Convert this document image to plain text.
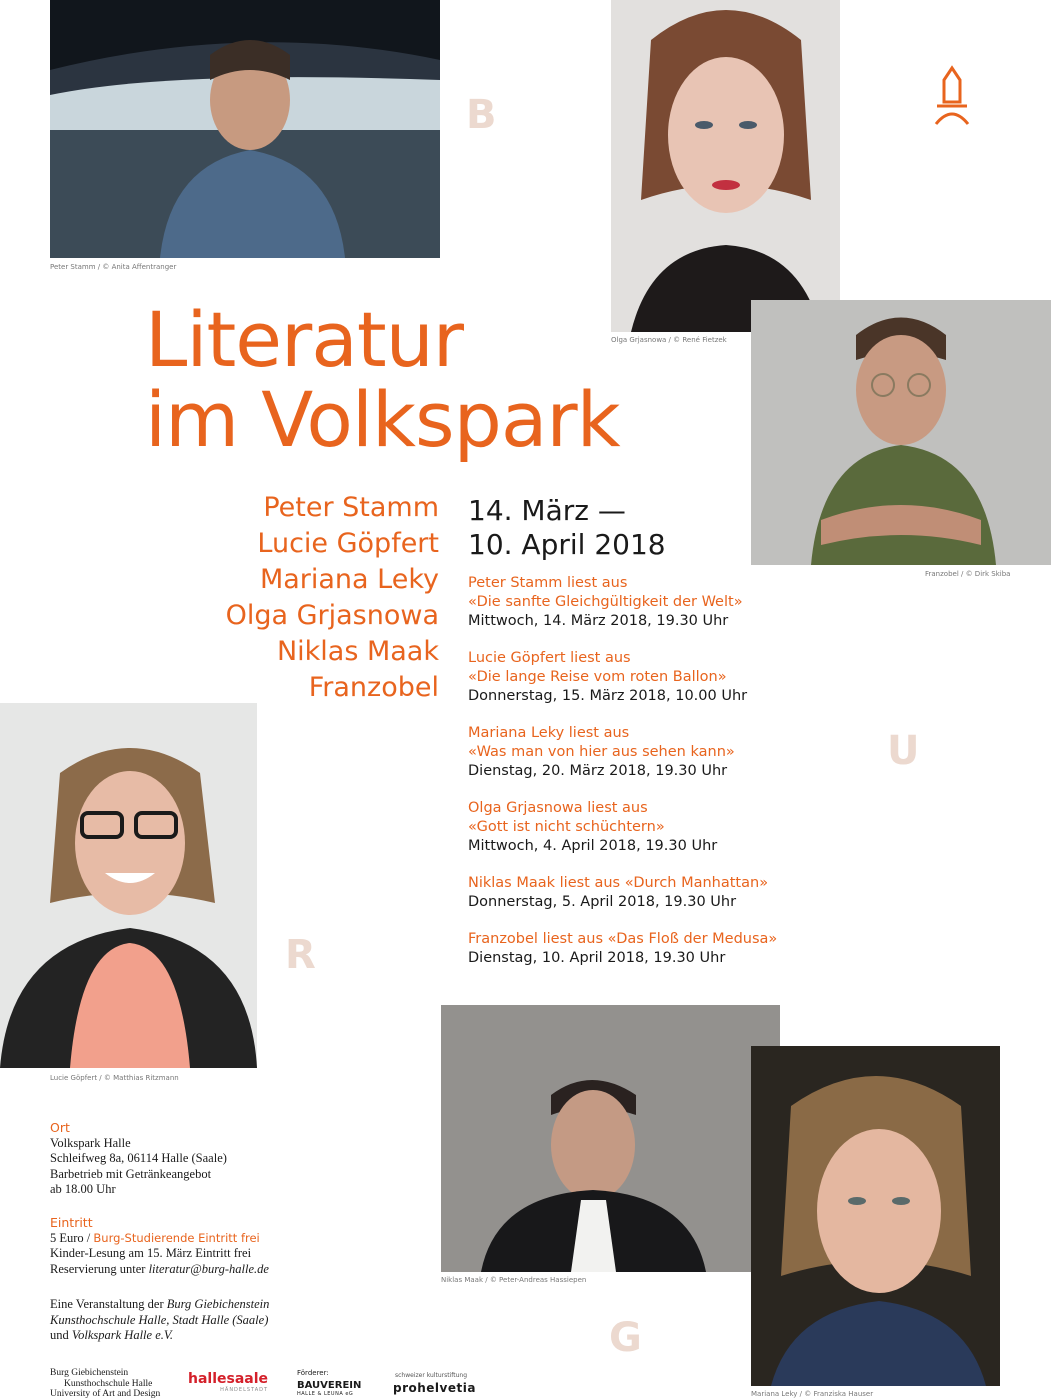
Peter Stamm / © Anita Affentranger
Olga Grjasnowa / © René Fietzek
Franzobel / © Dirk Skiba
Lucie Göpfert / © Matthias Ritzmann
Niklas Maak / © Peter-Andreas Hassiepen
Mariana Leky / © Franziska Hauser
B
U
R
G
Literatur
im Volkspark
Peter Stamm
Lucie Göpfert
Mariana Leky
Olga Grjasnowa
Niklas Maak
Franzobel
14. März —
10. April 2018
Peter Stamm liest aus
«Die sanfte Gleichgültigkeit der Welt»
Mittwoch, 14. März 2018, 19.30 Uhr
Lucie Göpfert liest aus
«Die lange Reise vom roten Ballon»
Donnerstag, 15. März 2018, 10.00 Uhr
Mariana Leky liest aus
«Was man von hier aus sehen kann»
Dienstag, 20. März 2018, 19.30 Uhr
Olga Grjasnowa liest aus
«Gott ist nicht schüchtern»
Mittwoch, 4. April 2018, 19.30 Uhr
Niklas Maak liest aus «Durch Manhattan»
Donnerstag, 5. April 2018, 19.30 Uhr
Franzobel liest aus «Das Floß der Medusa»
Dienstag, 10. April 2018, 19.30 Uhr
Ort
Volkspark Halle
Schleifweg 8a, 06114 Halle (Saale)
Barbetrieb mit Getränkeangebot
ab 18.00 Uhr
Eintritt
5 Euro / Burg-Studierende Eintritt frei
Kinder-Lesung am 15. März Eintritt frei
Reservierung unter literatur@burg-halle.de
Eine Veranstaltung der Burg Giebichenstein
Kunsthochschule Halle, Stadt Halle (Saale)
und Volkspark Halle e.V.
Burg Giebichenstein
Kunsthochschule Halle
University of Art and Design
hallesaale
HÄNDELSTADT
Förderer:
BAUVEREIN
HALLE & LEUNA eG
schweizer kulturstiftung
prohelvetia
